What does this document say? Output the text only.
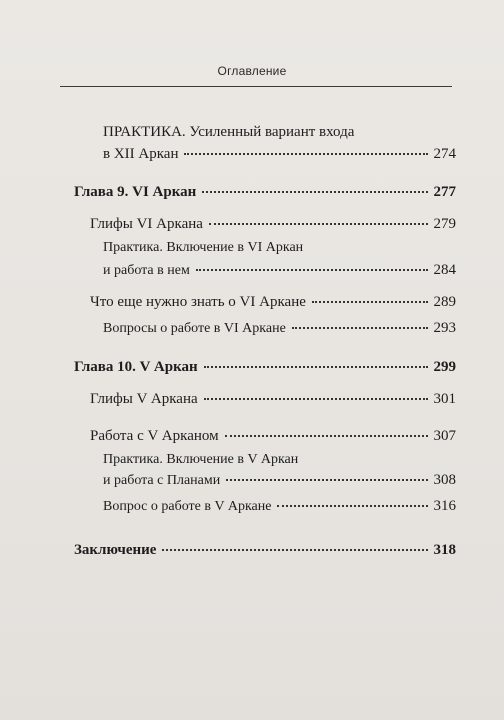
Оглавление
ПРАКТИКА. Усиленный вариант входа
в XII Аркан	274
Глава 9. VI Аркан	277
Глифы VI Аркана	279
Практика. Включение в VI Аркан
и работа в нем	284
Что еще нужно знать о VI Аркане	289
Вопросы о работе в VI Аркане	293
Глава 10. V Аркан	299
Глифы V Аркана	301
Работа с V Арканом	307
Практика. Включение в V Аркан
и работа с Планами	308
Вопрос о работе в V Аркане	316
Заключение	318
